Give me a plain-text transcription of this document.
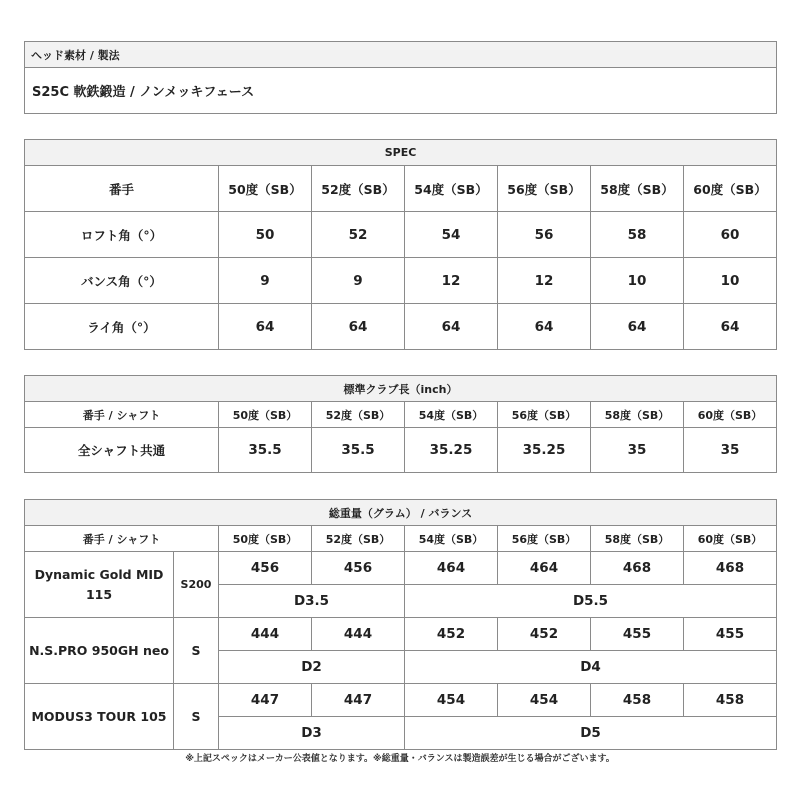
ヘッド素材 / 製法
S25C 軟鉄鍛造 / ノンメッキフェース
SPEC						
番手	50度（SB）	52度（SB）	54度（SB）	56度（SB）	58度（SB）	60度（SB）
ロフト角（°）	50	52	54	56	58	60
バンス角（°）	9	9	12	12	10	10
ライ角（°）	64	64	64	64	64	64
標準クラブ長（inch）						
番手 / シャフト	50度（SB）	52度（SB）	54度（SB）	56度（SB）	58度（SB）	60度（SB）
全シャフト共通	35.5	35.5	35.25	35.25	35	35
総重量（グラム） / バランス							
番手 / シャフト		50度（SB）	52度（SB）	54度（SB）	56度（SB）	58度（SB）	60度（SB）
Dynamic Gold MID 115	S200	456	456	464	464	468	468
		D3.5		D5.5			
N.S.PRO 950GH neo	S	444	444	452	452	455	455
		D2		D4			
MODUS3 TOUR 105	S	447	447	454	454	458	458
		D3		D5			
※上記スペックはメーカー公表値となります。※総重量・バランスは製造誤差が生じる場合がございます。
